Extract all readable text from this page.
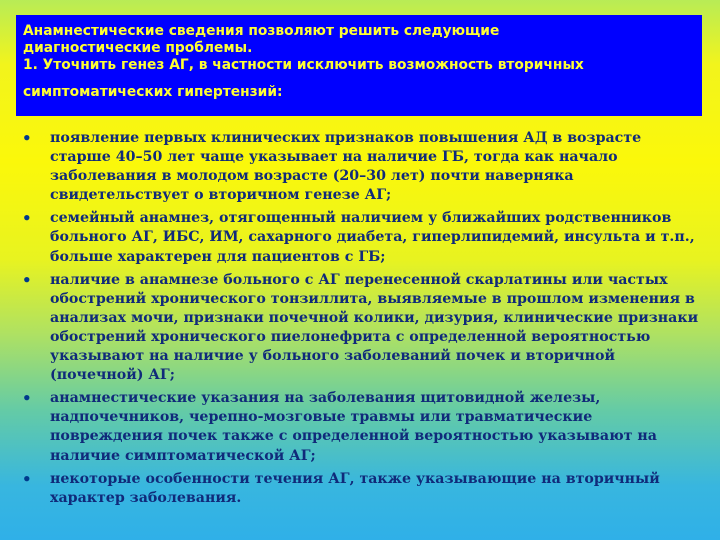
Анамнестические сведения позволяют решить следующие
диагностические проблемы.
1. Уточнить генез АГ, в частности исключить возможность вторичных
симптоматических гипертензий:
•	появление первых клинических признаков повышения АД в возрасте старше 40–50 лет чаще указывает на наличие ГБ, тогда как начало заболевания в молодом возрасте (20–30 лет) почти наверняка свидетельствует о вторичном генезе АГ;
•	семейный анамнез, отягощенный наличием у ближайших родственников больного АГ, ИБС, ИМ, сахарного диабета, гиперлипидемий, инсульта и т.п., больше характерен для пациентов с ГБ;
•	наличие в анамнезе больного с АГ перенесенной скарлатины или частых обострений хронического тонзиллита, выявляемые в прошлом изменения в анализах мочи, признаки почечной колики, дизурия, клинические признаки обострений хронического пиелонефрита с определенной вероятностью указывают на наличие у больного заболеваний почек и вторичной (почечной) АГ;
•	анамнестические указания на заболевания щитовидной железы, надпочечников, черепно-мозговые травмы или травматические повреждения почек также с определенной вероятностью указывают на наличие симптоматической АГ;
•	некоторые особенности течения АГ, также указывающие на вторичный характер заболевания.
